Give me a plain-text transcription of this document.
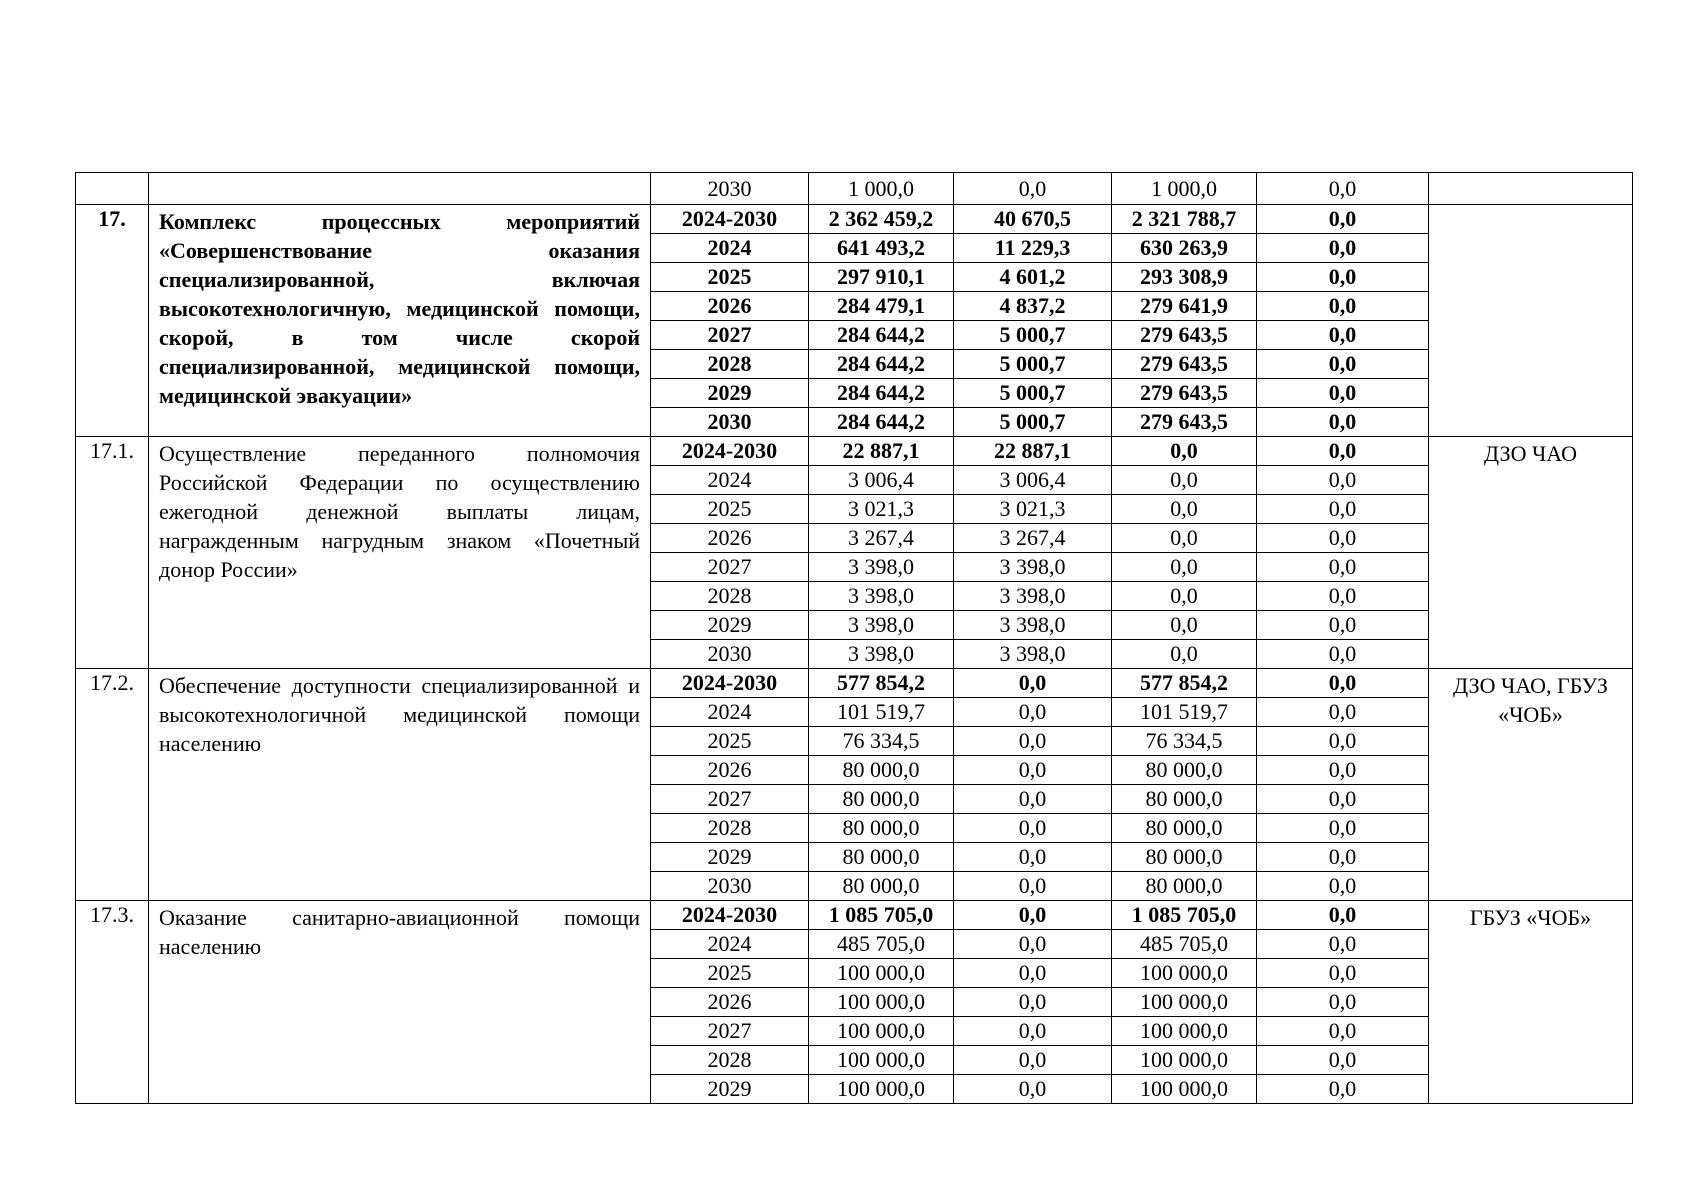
		2030	1 000,0	0,0	1 000,0	0,0	
17.	Комплекс процессных мероприятий «Совершенствование оказания специализированной, включая высокотехнологичную, медицинской помощи, скорой, в том числе скорой специализированной, медицинской помощи, медицинской эвакуации»	2024-2030	2 362 459,2	40 670,5	2 321 788,7	0,0	
		2024	641 493,2	11 229,3	630 263,9	0,0	
		2025	297 910,1	4 601,2	293 308,9	0,0	
		2026	284 479,1	4 837,2	279 641,9	0,0	
		2027	284 644,2	5 000,7	279 643,5	0,0	
		2028	284 644,2	5 000,7	279 643,5	0,0	
		2029	284 644,2	5 000,7	279 643,5	0,0	
		2030	284 644,2	5 000,7	279 643,5	0,0	
17.1.	Осуществление переданного полномочия Российской Федерации по осуществлению ежегодной денежной выплаты лицам, награжденным нагрудным знаком «Почетный донор России»	2024-2030	22 887,1	22 887,1	0,0	0,0	ДЗО ЧАО
		2024	3 006,4	3 006,4	0,0	0,0	
		2025	3 021,3	3 021,3	0,0	0,0	
		2026	3 267,4	3 267,4	0,0	0,0	
		2027	3 398,0	3 398,0	0,0	0,0	
		2028	3 398,0	3 398,0	0,0	0,0	
		2029	3 398,0	3 398,0	0,0	0,0	
		2030	3 398,0	3 398,0	0,0	0,0	
17.2.	Обеспечение доступности специализированной и высокотехнологичной медицинской помощи населению	2024-2030	577 854,2	0,0	577 854,2	0,0	ДЗО ЧАО, ГБУЗ «ЧОБ»
		2024	101 519,7	0,0	101 519,7	0,0	
		2025	76 334,5	0,0	76 334,5	0,0	
		2026	80 000,0	0,0	80 000,0	0,0	
		2027	80 000,0	0,0	80 000,0	0,0	
		2028	80 000,0	0,0	80 000,0	0,0	
		2029	80 000,0	0,0	80 000,0	0,0	
		2030	80 000,0	0,0	80 000,0	0,0	
17.3.	Оказание санитарно-авиационной помощи населению	2024-2030	1 085 705,0	0,0	1 085 705,0	0,0	ГБУЗ «ЧОБ»
		2024	485 705,0	0,0	485 705,0	0,0	
		2025	100 000,0	0,0	100 000,0	0,0	
		2026	100 000,0	0,0	100 000,0	0,0	
		2027	100 000,0	0,0	100 000,0	0,0	
		2028	100 000,0	0,0	100 000,0	0,0	
		2029	100 000,0	0,0	100 000,0	0,0	
